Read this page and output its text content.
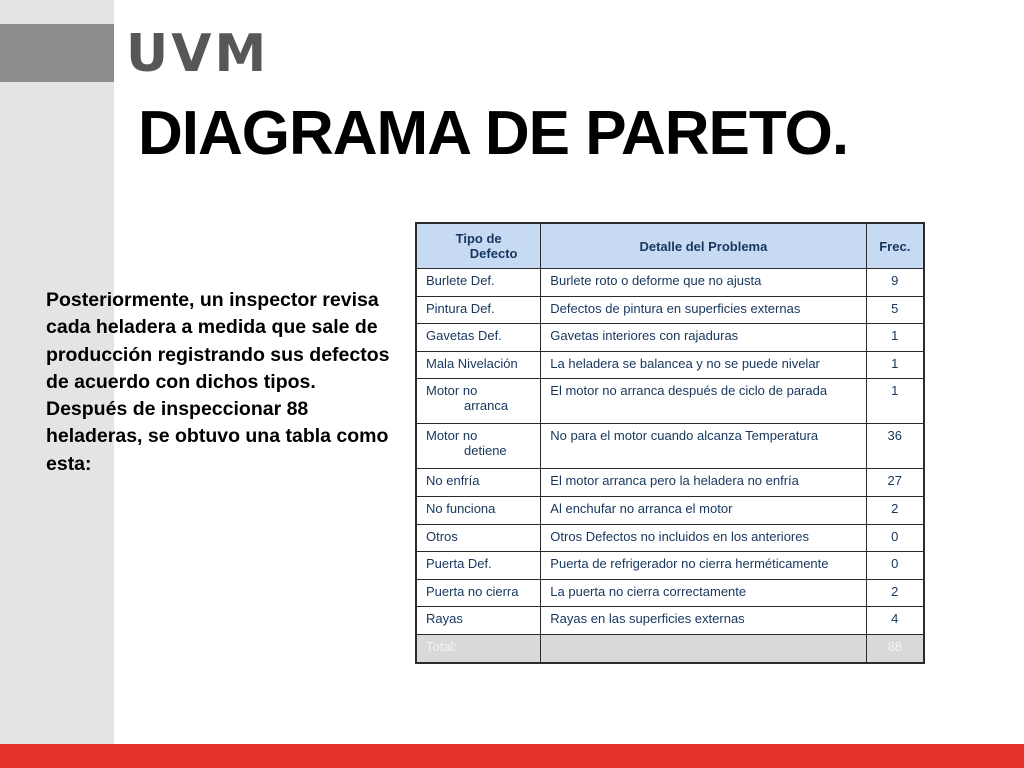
UVM
DIAGRAMA DE PARETO.

Posteriormente, un inspector revisa cada heladera a medida que sale de producción registrando sus defectos de acuerdo con dichos tipos. Después de inspeccionar 88 heladeras, se obtuvo una tabla como esta:

Tipo de
Defecto	Detalle del Problema	Frec.
Burlete Def.	Burlete roto o deforme que no ajusta	9
Pintura Def.	Defectos de pintura en superficies externas	5
Gavetas Def.	Gavetas interiores con rajaduras	1
Mala Nivelación	La heladera se balancea y no se puede nivelar	1
Motor no
arranca	El motor no arranca después de ciclo de parada	1
Motor no
detiene	No para el motor cuando alcanza Temperatura	36
No enfría	El motor arranca pero la heladera no enfría	27
No funciona	Al enchufar no arranca el motor	2
Otros	Otros Defectos no incluidos en los anteriores	0
Puerta Def.	Puerta de refrigerador no cierra herméticamente	0
Puerta no cierra	La puerta no cierra correctamente	2
Rayas	Rayas en las superficies externas	4
Total:		88
